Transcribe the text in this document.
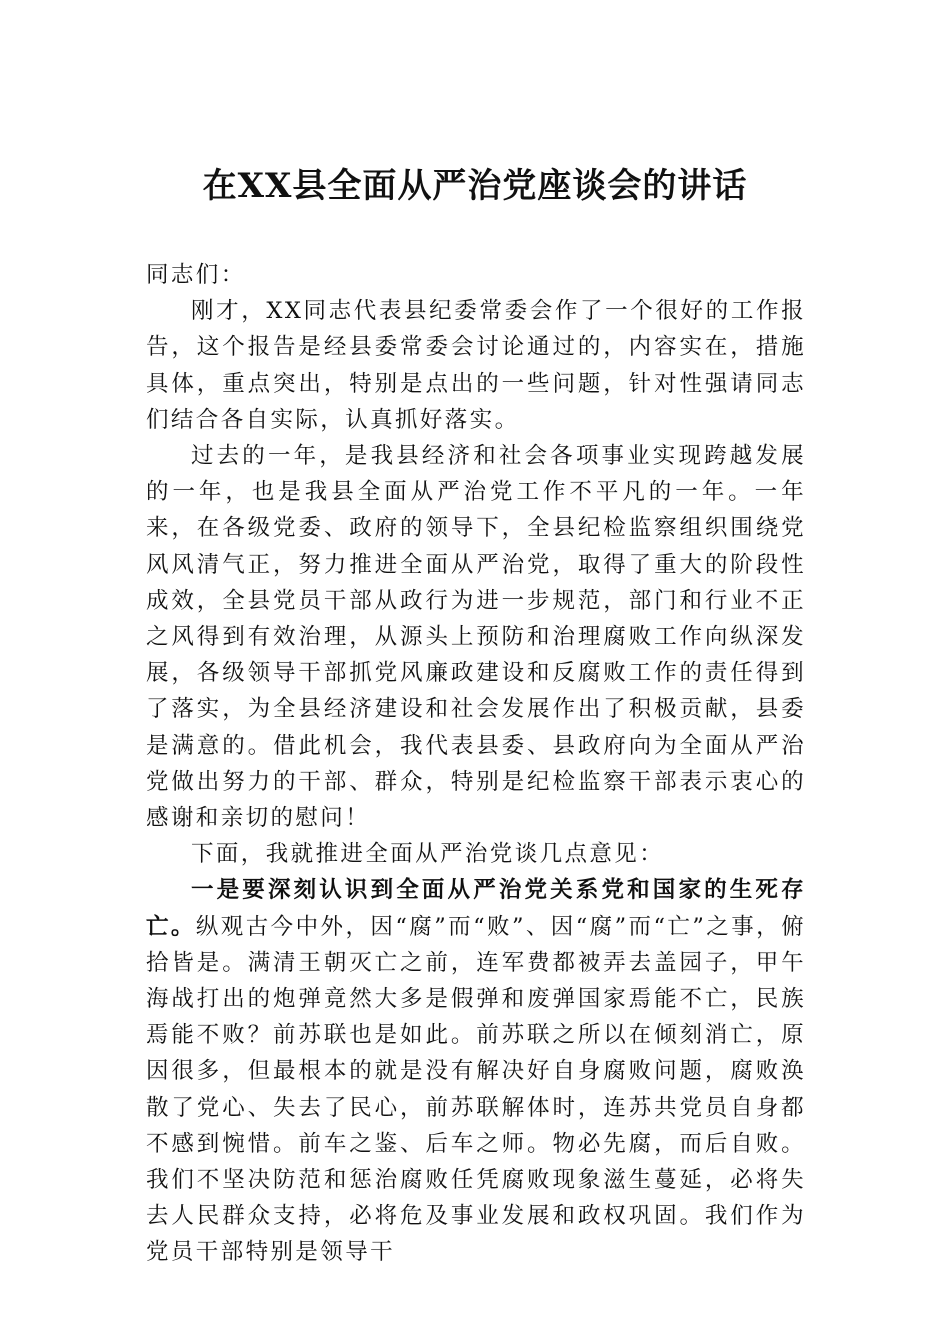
在XX县全面从严治党座谈会的讲话

同志们：

刚才，XX同志代表县纪委常委会作了一个很好的工作报告，这个报告是经县委常委会讨论通过的，内容实在，措施具体，重点突出，特别是点出的一些问题，针对性强请同志们结合各自实际，认真抓好落实。

过去的一年，是我县经济和社会各项事业实现跨越发展的一年，也是我县全面从严治党工作不平凡的一年。一年来，在各级党委、政府的领导下，全县纪检监察组织围绕党风风清气正，努力推进全面从严治党，取得了重大的阶段性成效，全县党员干部从政行为进一步规范，部门和行业不正之风得到有效治理，从源头上预防和治理腐败工作向纵深发展，各级领导干部抓党风廉政建设和反腐败工作的责任得到了落实，为全县经济建设和社会发展作出了积极贡献，县委是满意的。借此机会，我代表县委、县政府向为全面从严治党做出努力的干部、群众，特别是纪检监察干部表示衷心的感谢和亲切的慰问！

下面，我就推进全面从严治党谈几点意见：

一是要深刻认识到全面从严治党关系党和国家的生死存亡。纵观古今中外，因“腐”而“败”、因“腐”而“亡”之事，俯拾皆是。满清王朝灭亡之前，连军费都被弄去盖园子，甲午海战打出的炮弹竟然大多是假弹和废弹国家焉能不亡，民族焉能不败？前苏联也是如此。前苏联之所以在倾刻消亡，原因很多，但最根本的就是没有解决好自身腐败问题，腐败涣散了党心、失去了民心，前苏联解体时，连苏共党员自身都不感到惋惜。前车之鉴、后车之师。物必先腐，而后自败。我们不坚决防范和惩治腐败任凭腐败现象滋生蔓延，必将失去人民群众支持，必将危及事业发展和政权巩固。我们作为党员干部特别是领导干
